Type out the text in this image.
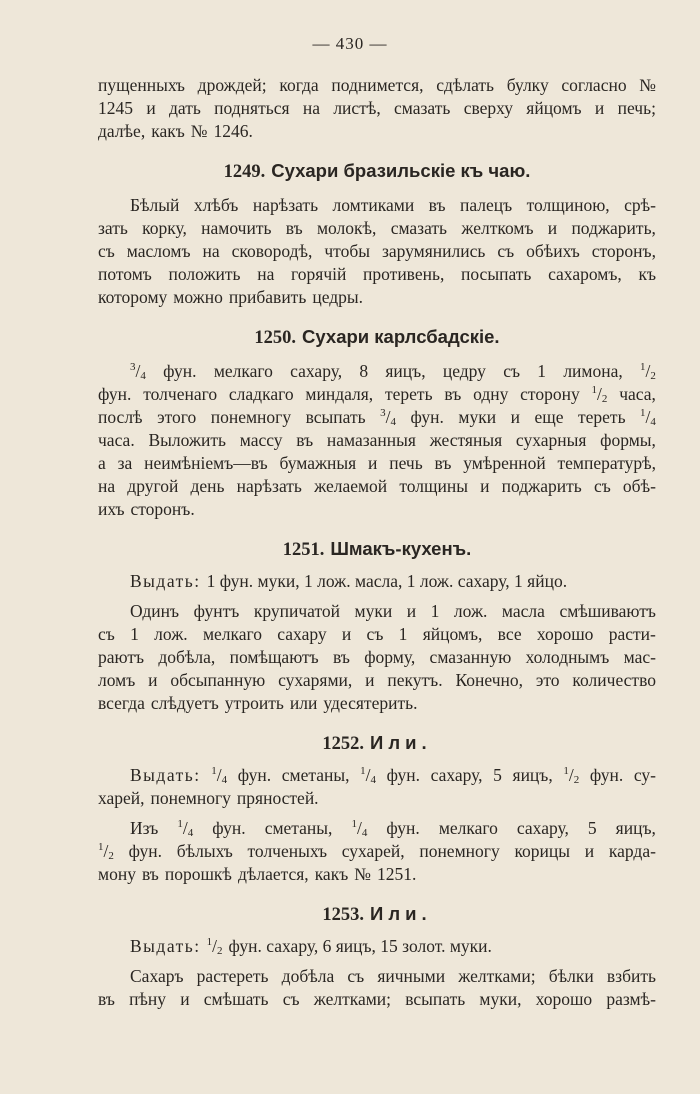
— 430 —
пущенныхъ дрождей; когда поднимется, сдѣлать булку согласно №
1245 и дать подняться на листѣ, смазать сверху яйцомъ и печь;
далѣе, какъ № 1246.
1249. Сухари бразильскіе къ чаю.
Бѣлый хлѣбъ нарѣзать ломтиками въ палецъ толщиною, срѣ-
зать корку, намочить въ молокѣ, смазать желткомъ и поджарить,
съ масломъ на сковородѣ, чтобы зарумянились съ обѣихъ сторонъ,
потомъ положить на горячій противень, посыпать сахаромъ, къ
которому можно прибавить цедры.
1250. Сухари карлсбадскіе.
$^3/_4$ фун. мелкаго сахару, 8 яицъ, цедру съ 1 лимона, $^1/_2$
фун. толченаго сладкаго миндаля, тереть въ одну сторону $^1/_2$ часа,
послѣ этого понемногу всыпать $^3/_4$ фун. муки и еще тереть $^1/_4$
часа. Выложить массу въ намазанныя жестяныя сухарныя формы,
а за неимѣніемъ—въ бумажныя и печь въ умѣренной температурѣ,
на другой день нарѣзать желаемой толщины и поджарить съ обѣ-
ихъ сторонъ.
1251. Шмакъ-кухенъ.
Выдать: 1 фун. муки, 1 лож. масла, 1 лож. сахару, 1 яйцо.
Одинъ фунтъ крупичатой муки и 1 лож. масла смѣшиваютъ
съ 1 лож. мелкаго сахару и съ 1 яйцомъ, все хорошо расти-
раютъ добѣла, помѣщаютъ въ форму, смазанную холоднымъ мас-
ломъ и обсыпанную сухарями, и пекутъ. Конечно, это количество
всегда слѣдуетъ утроить или удесятерить.
1252. Или.
Выдать: $^1/_4$ фун. сметаны, $^1/_4$ фун. сахару, 5 яицъ, $^1/_2$ фун. су-
харей, понемногу пряностей.
Изъ $^1/_4$ фун. сметаны, $^1/_4$ фун. мелкаго сахару, 5 яицъ,
$^1/_2$ фун. бѣлыхъ толченыхъ сухарей, понемногу корицы и карда-
мону въ порошкѣ дѣлается, какъ № 1251.
1253. Или.
Выдать: $^1/_2$ фун. сахару, 6 яицъ, 15 золот. муки.
Сахаръ растереть добѣла съ яичными желтками; бѣлки взбить
въ пѣну и смѣшать съ желтками; всыпать муки, хорошо размѣ-
